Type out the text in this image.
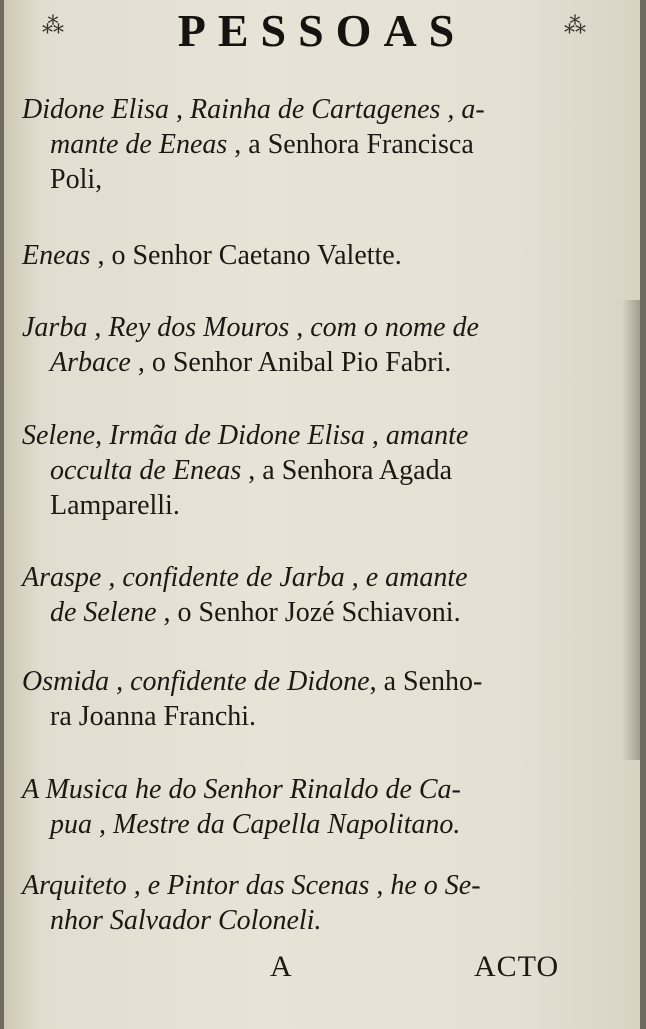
⁂	⁂
PESSOAS
Didone Elisa , Rainha de Cartagenes , a-
mante de Eneas , a Senhora Francisca
Poli,
Eneas , o Senhor Caetano Valette.
Jarba , Rey dos Mouros , com o nome de
Arbace , o Senhor Anibal Pio Fabri.
Selene, Irmãa de Didone Elisa , amante
occulta de Eneas , a Senhora Agada
Lamparelli.
Araspe , confidente de Jarba , e amante
de Selene , o Senhor Jozé Schiavoni.
Osmida , confidente de Didone, a Senho-
ra Joanna Franchi.
A Musica he do Senhor Rinaldo de Ca-
pua , Mestre da Capella Napolitano.
Arquiteto , e Pintor das Scenas , he o Se-
nhor Salvador Coloneli.
A	ACTO
